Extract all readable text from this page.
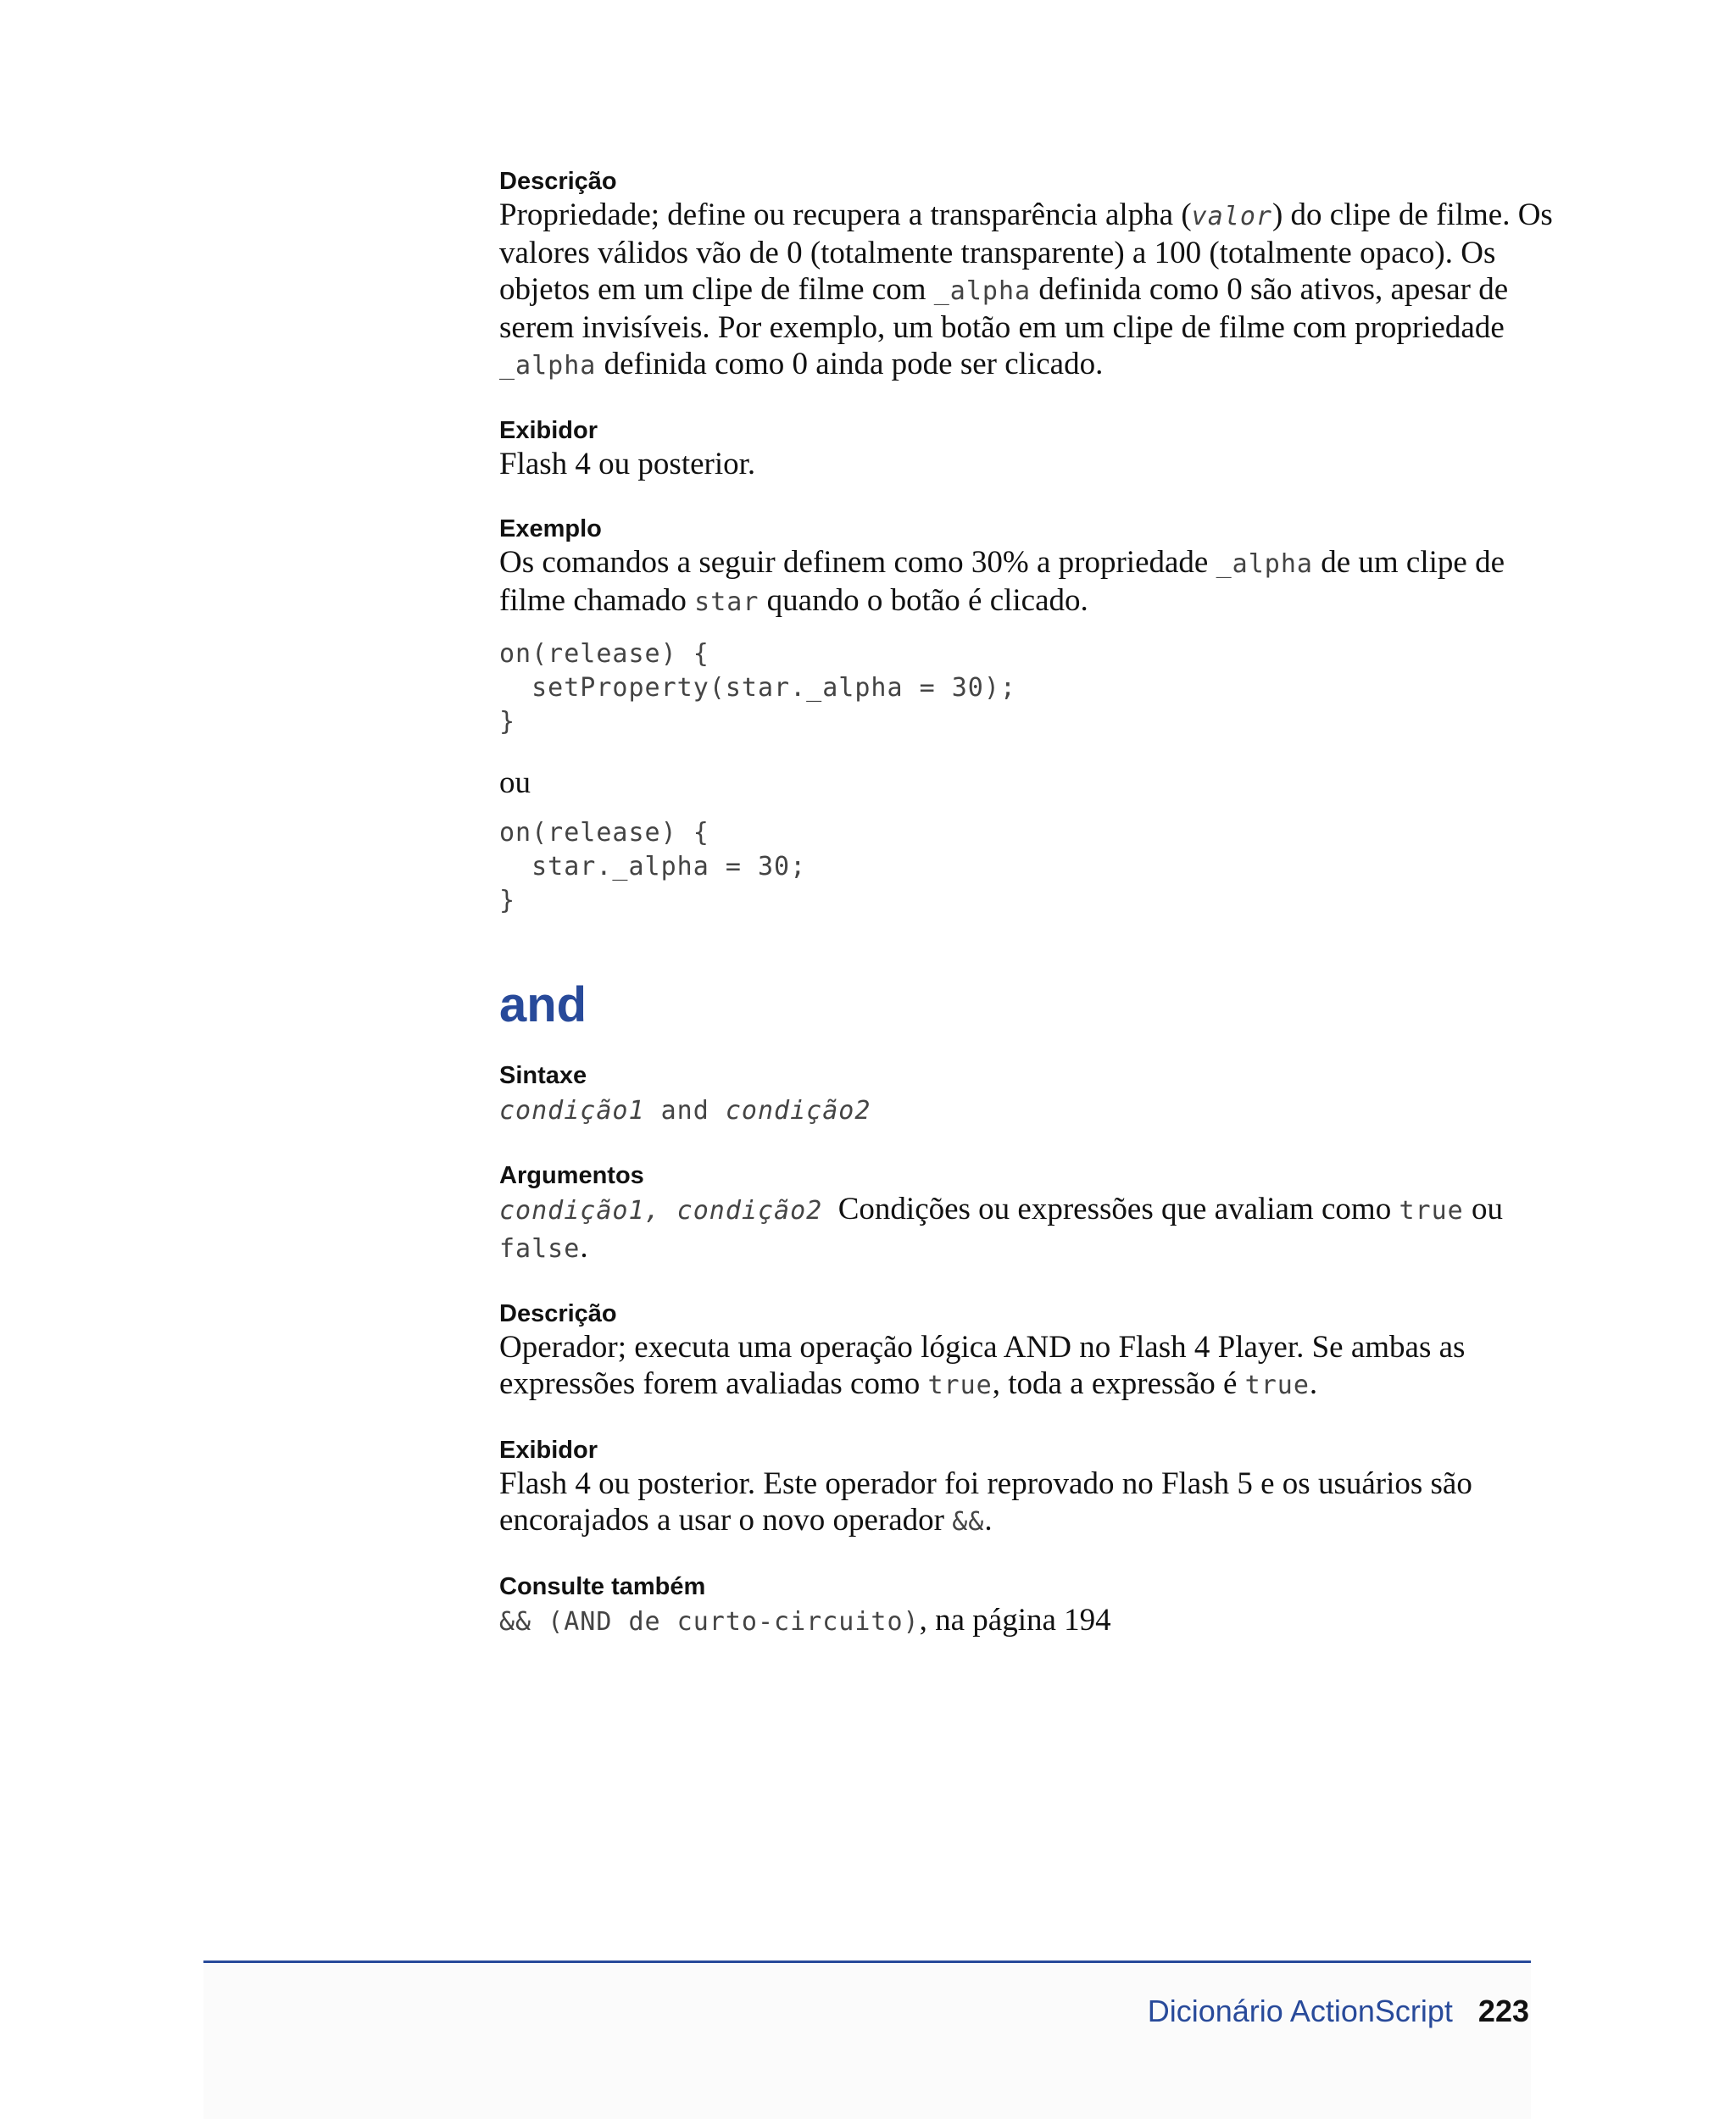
Descrição

Propriedade; define ou recupera a transparência alpha (valor) do clipe de filme. Os valores válidos vão de 0 (totalmente transparente) a 100 (totalmente opaco). Os objetos em um clipe de filme com _alpha definida como 0 são ativos, apesar de serem invisíveis. Por exemplo, um botão em um clipe de filme com propriedade _alpha definida como 0 ainda pode ser clicado.

Exibidor

Flash 4 ou posterior.

Exemplo

Os comandos a seguir definem como 30% a propriedade _alpha de um clipe de filme chamado star quando o botão é clicado.

on(release) {
setProperty(star._alpha = 30);
}

ou

on(release) {
star._alpha = 30;
}
and

Sintaxe

condição1 and condição2

Argumentos

condição1, condição2  Condições ou expressões que avaliam como true ou false.

Descrição

Operador; executa uma operação lógica AND no Flash 4 Player. Se ambas as expressões forem avaliadas como true, toda a expressão é true.

Exibidor

Flash 4 ou posterior. Este operador foi reprovado no Flash 5 e os usuários são encorajados a usar o novo operador &&.

Consulte também

&& (AND de curto-circuito), na página 194

Dicionário ActionScript 223
